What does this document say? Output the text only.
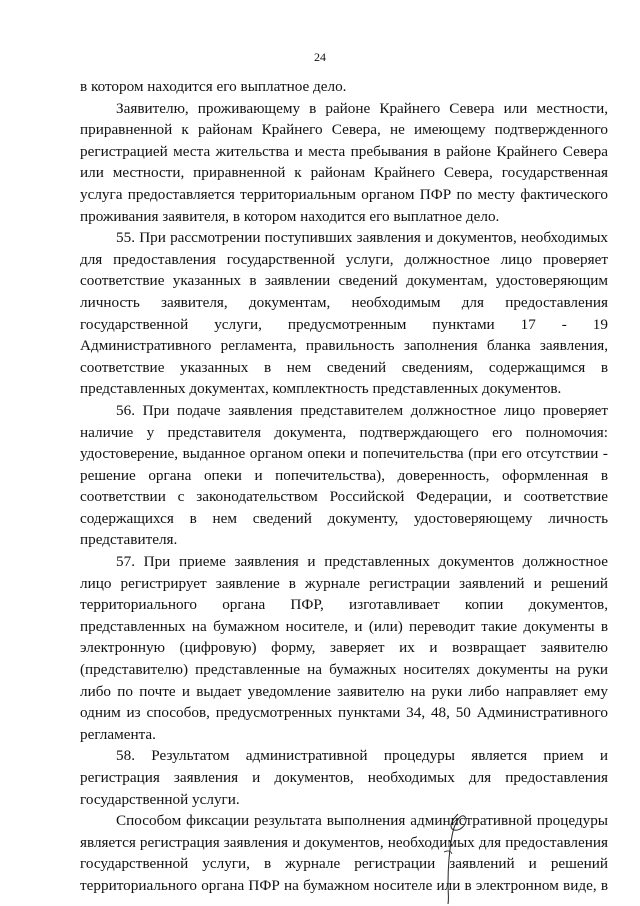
24
в котором находится его выплатное дело.
Заявителю, проживающему в районе Крайнего Севера или местности,
приравненной к районам Крайнего Севера, не имеющему подтвержденного
регистрацией места жительства и места пребывания в районе Крайнего Севера
или местности, приравненной к районам Крайнего Севера, государственная
услуга предоставляется территориальным органом ПФР по месту фактического
проживания заявителя, в котором находится его выплатное дело.
55. При рассмотрении поступивших заявления и документов, необходимых
для предоставления государственной услуги, должностное лицо проверяет
соответствие указанных в заявлении сведений документам, удостоверяющим
личность заявителя, документам, необходимым для предоставления
государственной услуги, предусмотренным пунктами 17 - 19
Административного регламента, правильность заполнения бланка заявления,
соответствие указанных в нем сведений сведениям, содержащимся в
представленных документах, комплектность представленных документов.
56. При подаче заявления представителем должностное лицо проверяет
наличие у представителя документа, подтверждающего его полномочия:
удостоверение, выданное органом опеки и попечительства (при его отсутствии -
решение органа опеки и попечительства), доверенность, оформленная в
соответствии с законодательством Российской Федерации, и соответствие
содержащихся в нем сведений документу, удостоверяющему личность
представителя.
57. При приеме заявления и представленных документов должностное
лицо регистрирует заявление в журнале регистрации заявлений и решений
территориального органа ПФР, изготавливает копии документов,
представленных на бумажном носителе, и (или) переводит такие документы в
электронную (цифровую) форму, заверяет их и возвращает заявителю
(представителю) представленные на бумажных носителях документы на руки
либо по почте и выдает уведомление заявителю на руки либо направляет ему
одним из способов, предусмотренных пунктами 34, 48, 50 Административного
регламента.
58. Результатом административной процедуры является прием и
регистрация заявления и документов, необходимых для предоставления
государственной услуги.
Способом фиксации результата выполнения административной процедуры
является регистрация заявления и документов, необходимых для предоставления
государственной услуги, в журнале регистрации заявлений и решений
территориального органа ПФР на бумажном носителе или в электронном виде, в
